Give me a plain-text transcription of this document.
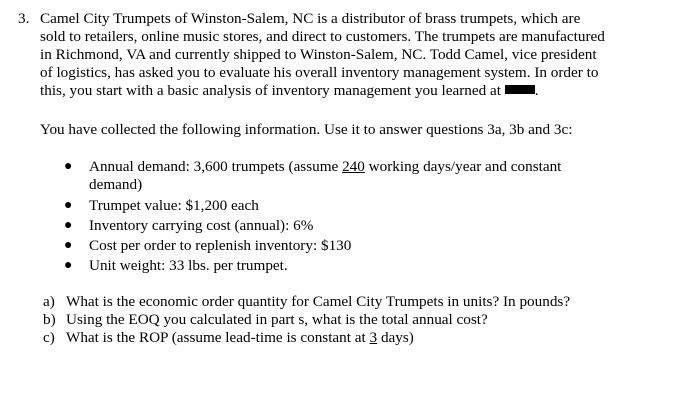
3. Camel City Trumpets of Winston-Salem, NC is a distributor of brass trumpets, which are
sold to retailers, online music stores, and direct to customers. The trumpets are manufactured
in Richmond, VA and currently shipped to Winston-Salem, NC. Todd Camel, vice president
of logistics, has asked you to evaluate his overall inventory management system. In order to
this, you start with a basic analysis of inventory management you learned at .
You have collected the following information. Use it to answer questions 3a, 3b and 3c:
● Annual demand: 3,600 trumpets (assume 240 working days/year and constant
demand)
● Trumpet value: $1,200 each
● Inventory carrying cost (annual): 6%
● Cost per order to replenish inventory: $130
● Unit weight: 33 lbs. per trumpet.
a) What is the economic order quantity for Camel City Trumpets in units? In pounds?
b) Using the EOQ you calculated in part s, what is the total annual cost?
c) What is the ROP (assume lead-time is constant at 3 days)
